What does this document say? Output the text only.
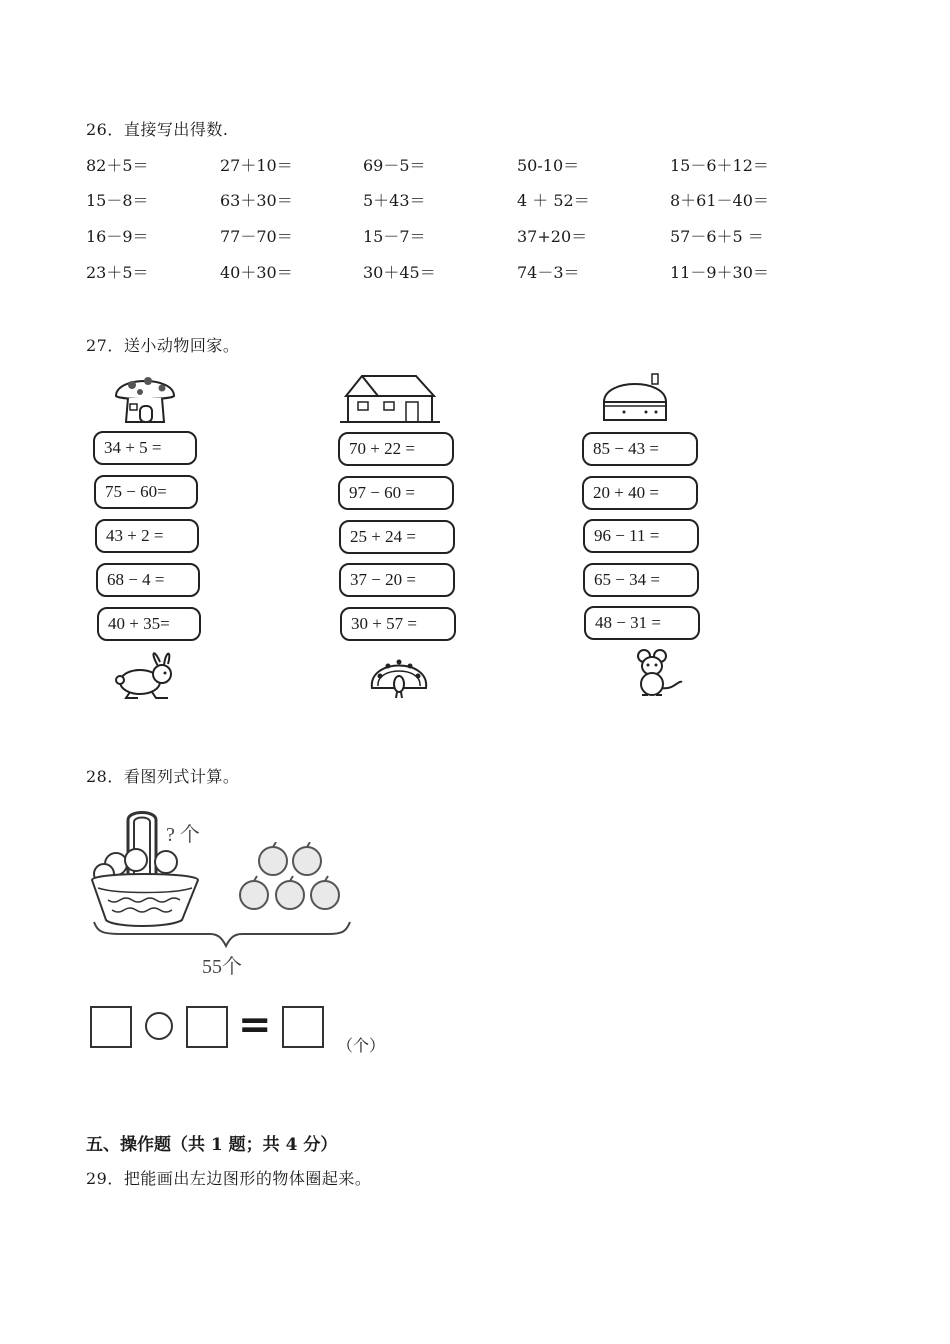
26．直接写出得数.
82＋5＝	27＋10＝	69－5＝	50-10＝	15－6＋12＝
15－8＝	63＋30＝	5＋43＝	4 ＋ 52＝	8＋61－40＝
16－9＝	77－70＝	15－7＝	37+20＝	57－6＋5 ＝
23＋5＝	40＋30＝	30＋45＝	74－3＝	11－9＋30＝
27．送小动物回家。
34 + 5 =
75 − 60=
43 + 2 =
68 − 4 =
40 + 35=
70 + 22 =
97 − 60 =
25 + 24 =
37 − 20 =
30 + 57 =
85 − 43 =
20 + 40 =
96 − 11 =
65 − 34 =
48 − 31 =
28．看图列式计算。
? 个
55个
=	（个）
五、操作题（共 1 题；共 4 分）
29．把能画出左边图形的物体圈起来。
